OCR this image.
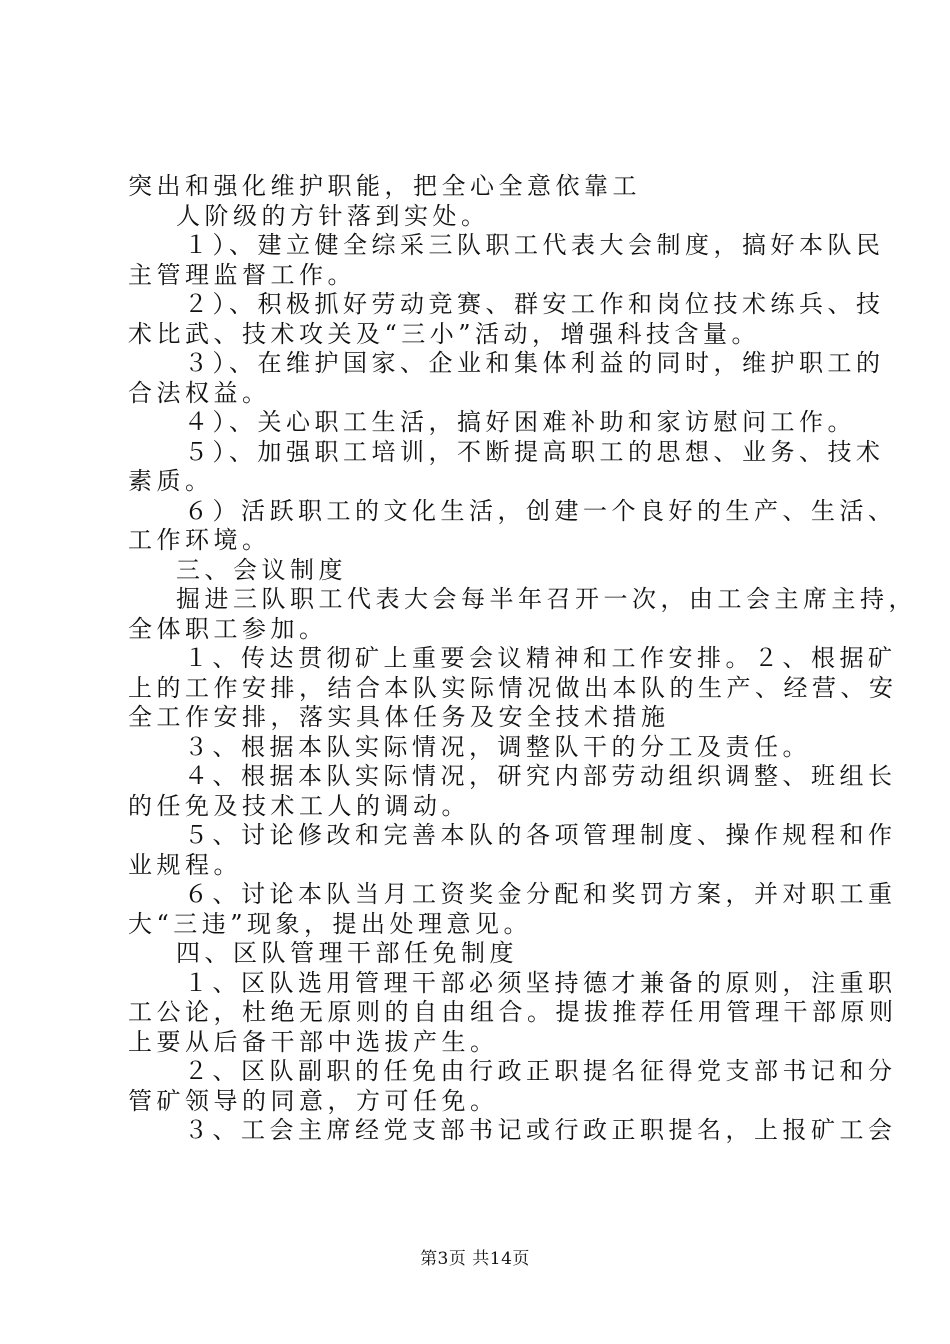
突出和强化维护职能，把全心全意依靠工
人阶级的方针落到实处。
１）、建立健全综采三队职工代表大会制度，搞好本队民
主管理监督工作。
２）、积极抓好劳动竞赛、群安工作和岗位技术练兵、技
术比武、技术攻关及“三小”活动，增强科技含量。
３）、在维护国家、企业和集体利益的同时，维护职工的
合法权益。
４）、关心职工生活，搞好困难补助和家访慰问工作。
５）、加强职工培训，不断提高职工的思想、业务、技术
素质。
６）活跃职工的文化生活，创建一个良好的生产、生活、
工作环境。
三、会议制度
掘进三队职工代表大会每半年召开一次，由工会主席主持，
全体职工参加。
１、传达贯彻矿上重要会议精神和工作安排。２、根据矿
上的工作安排，结合本队实际情况做出本队的生产、经营、安
全工作安排，落实具体任务及安全技术措施
３、根据本队实际情况，调整队干的分工及责任。
４、根据本队实际情况，研究内部劳动组织调整、班组长
的任免及技术工人的调动。
５、讨论修改和完善本队的各项管理制度、操作规程和作
业规程。
６、讨论本队当月工资奖金分配和奖罚方案，并对职工重
大“三违”现象，提出处理意见。
四、区队管理干部任免制度
１、区队选用管理干部必须坚持德才兼备的原则，注重职
工公论，杜绝无原则的自由组合。提拔推荐任用管理干部原则
上要从后备干部中选拔产生。
２、区队副职的任免由行政正职提名征得党支部书记和分
管矿领导的同意，方可任免。
３、工会主席经党支部书记或行政正职提名，上报矿工会
第3页 共14页
